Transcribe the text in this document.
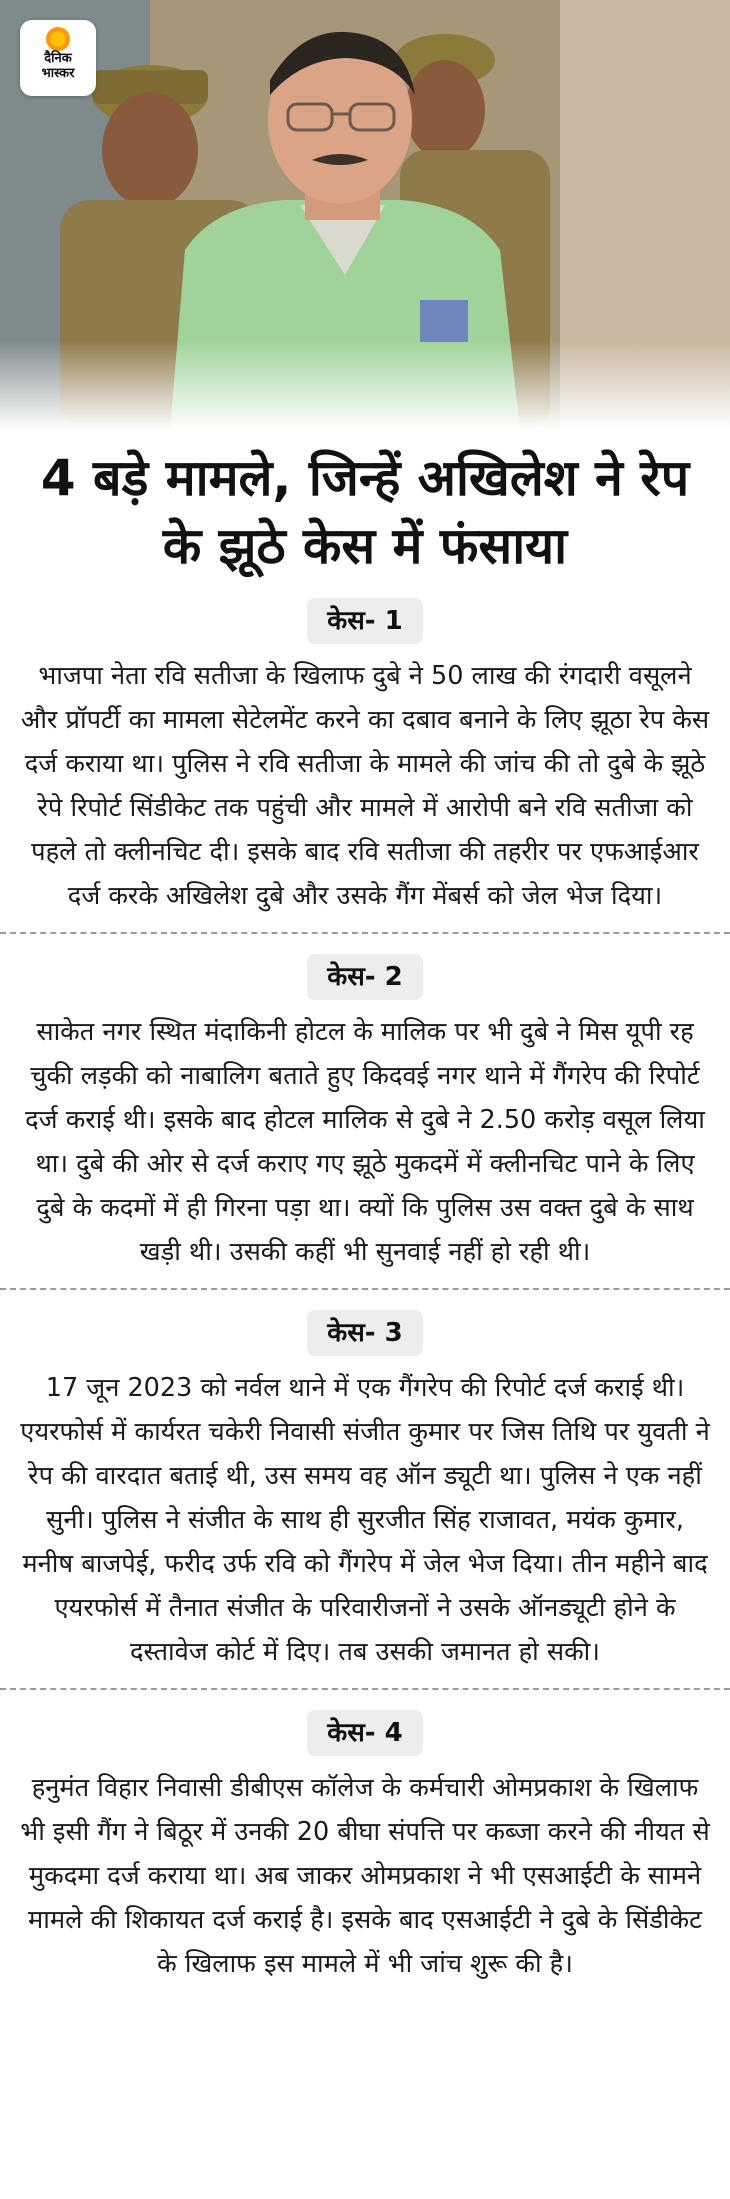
दैनिक
भास्कर
4 बड़े मामले, जिन्हें अखिलेश ने रेप के झूठे केस में फंसाया
केस- 1

भाजपा नेता रवि सतीजा के खिलाफ दुबे ने 50 लाख की रंगदारी वसूलने और प्रॉपर्टी का मामला सेटेलमेंट करने का दबाव बनाने के लिए झूठा रेप केस दर्ज कराया था। पुलिस ने रवि सतीजा के मामले की जांच की तो दुबे के झूठे रेपे रिपोर्ट सिंडीकेट तक पहुंची और मामले में आरोपी बने रवि सतीजा को पहले तो क्लीनचिट दी। इसके बाद रवि सतीजा की तहरीर पर एफआईआर दर्ज करके अखिलेश दुबे और उसके गैंग मेंबर्स को जेल भेज दिया।

केस- 2

साकेत नगर स्थित मंदाकिनी होटल के मालिक पर भी दुबे ने मिस यूपी रह चुकी लड़की को नाबालिग बताते हुए किदवई नगर थाने में गैंगरेप की रिपोर्ट दर्ज कराई थी। इसके बाद होटल मालिक से दुबे ने 2.50 करोड़ वसूल लिया था। दुबे की ओर से दर्ज कराए गए झूठे मुकदमें में क्लीनचिट पाने के लिए दुबे के कदमों में ही गिरना पड़ा था। क्यों कि पुलिस उस वक्त दुबे के साथ खड़ी थी। उसकी कहीं भी सुनवाई नहीं हो रही थी।

केस- 3

17 जून 2023 को नर्वल थाने में एक गैंगरेप की रिपोर्ट दर्ज कराई थी। एयरफोर्स में कार्यरत चकेरी निवासी संजीत कुमार पर जिस तिथि पर युवती ने रेप की वारदात बताई थी, उस समय वह ऑन ड्यूटी था। पुलिस ने एक नहीं सुनी। पुलिस ने संजीत के साथ ही सुरजीत सिंह राजावत, मयंक कुमार, मनीष बाजपेई, फरीद उर्फ रवि को गैंगरेप में जेल भेज दिया। तीन महीने बाद एयरफोर्स में तैनात संजीत के परिवारीजनों ने उसके ऑनड्यूटी होने के दस्तावेज कोर्ट में दिए। तब उसकी जमानत हो सकी।

केस- 4

हनुमंत विहार निवासी डीबीएस कॉलेज के कर्मचारी ओमप्रकाश के खिलाफ भी इसी गैंग ने बिठूर में उनकी 20 बीघा संपत्ति पर कब्जा करने की नीयत से मुकदमा दर्ज कराया था। अब जाकर ओमप्रकाश ने भी एसआईटी के सामने मामले की शिकायत दर्ज कराई है। इसके बाद एसआईटी ने दुबे के सिंडीकेट के खिलाफ इस मामले में भी जांच शुरू की है।
